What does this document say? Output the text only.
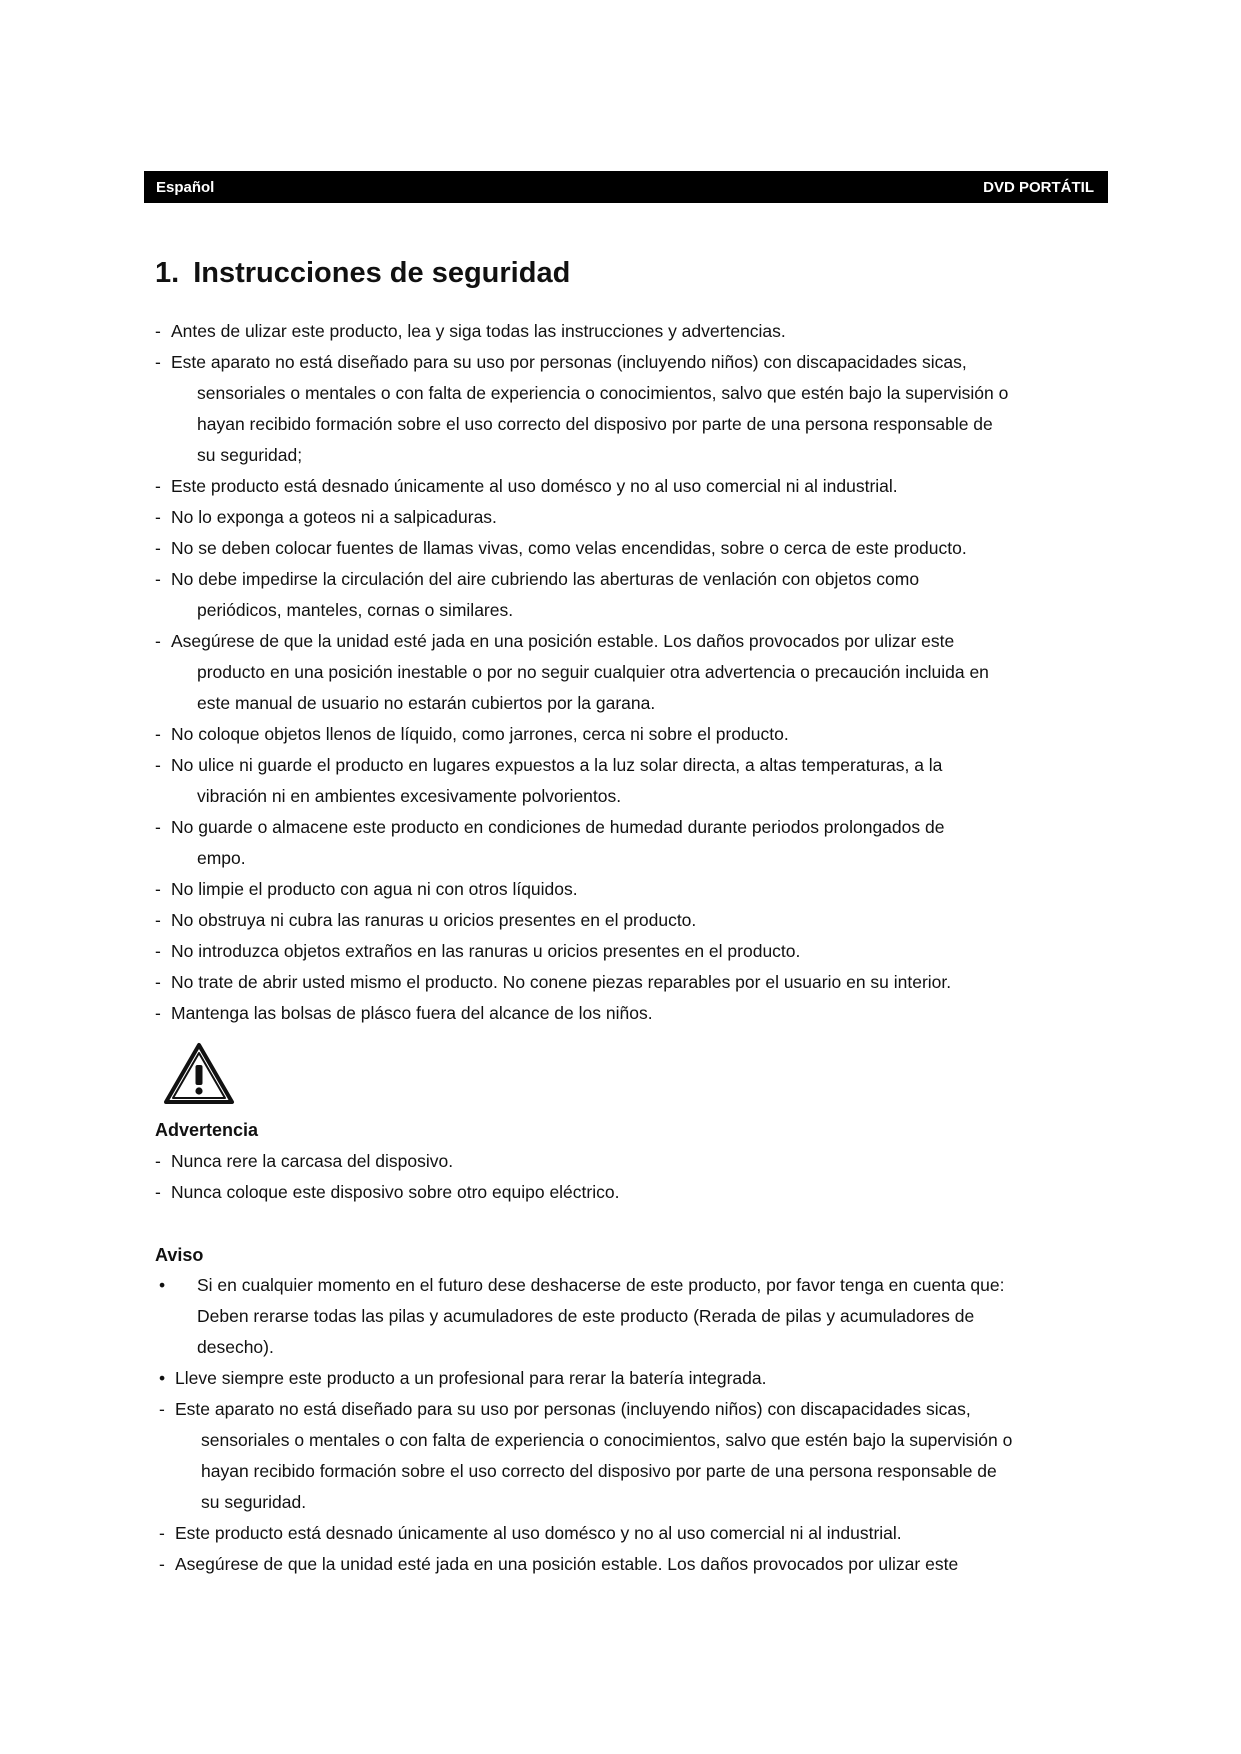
Español	DVD PORTÁTIL
1. Instrucciones de seguridad
- Antes de ulizar este producto, lea y siga todas las instrucciones y advertencias.
- Este aparato no está diseñado para su uso por personas (incluyendo niños) con discapacidades sicas,
sensoriales o mentales o con falta de experiencia o conocimientos, salvo que estén bajo la supervisión o
hayan recibido formación sobre el uso correcto del disposivo por parte de una persona responsable de
su seguridad;
- Este producto está desnado únicamente al uso domésco y no al uso comercial ni al industrial.
- No lo exponga a goteos ni a salpicaduras.
- No se deben colocar fuentes de llamas vivas, como velas encendidas, sobre o cerca de este producto.
- No debe impedirse la circulación del aire cubriendo las aberturas de venlación con objetos como
periódicos, manteles, cornas o similares.
- Asegúrese de que la unidad esté jada en una posición estable. Los daños provocados por ulizar este
producto en una posición inestable o por no seguir cualquier otra advertencia o precaución incluida en
este manual de usuario no estarán cubiertos por la garana.
- No coloque objetos llenos de líquido, como jarrones, cerca ni sobre el producto.
- No ulice ni guarde el producto en lugares expuestos a la luz solar directa, a altas temperaturas, a la
vibración ni en ambientes excesivamente polvorientos.
- No guarde o almacene este producto en condiciones de humedad durante periodos prolongados de
empo.
- No limpie el producto con agua ni con otros líquidos.
- No obstruya ni cubra las ranuras u oricios presentes en el producto.
- No introduzca objetos extraños en las ranuras u oricios presentes en el producto.
- No trate de abrir usted mismo el producto. No conene piezas reparables por el usuario en su interior.
- Mantenga las bolsas de plásco fuera del alcance de los niños.
Advertencia
- Nunca rere la carcasa del disposivo.
- Nunca coloque este disposivo sobre otro equipo eléctrico.
Aviso
•	Si en cualquier momento en el futuro dese deshacerse de este producto, por favor tenga en cuenta que:
Deben rerarse todas las pilas y acumuladores de este producto (Rerada de pilas y acumuladores de
desecho).
• Lleve siempre este producto a un profesional para rerar la batería integrada.
- Este aparato no está diseñado para su uso por personas (incluyendo niños) con discapacidades sicas,
sensoriales o mentales o con falta de experiencia o conocimientos, salvo que estén bajo la supervisión o
hayan recibido formación sobre el uso correcto del disposivo por parte de una persona responsable de
su seguridad.
- Este producto está desnado únicamente al uso domésco y no al uso comercial ni al industrial.
- Asegúrese de que la unidad esté jada en una posición estable. Los daños provocados por ulizar este
